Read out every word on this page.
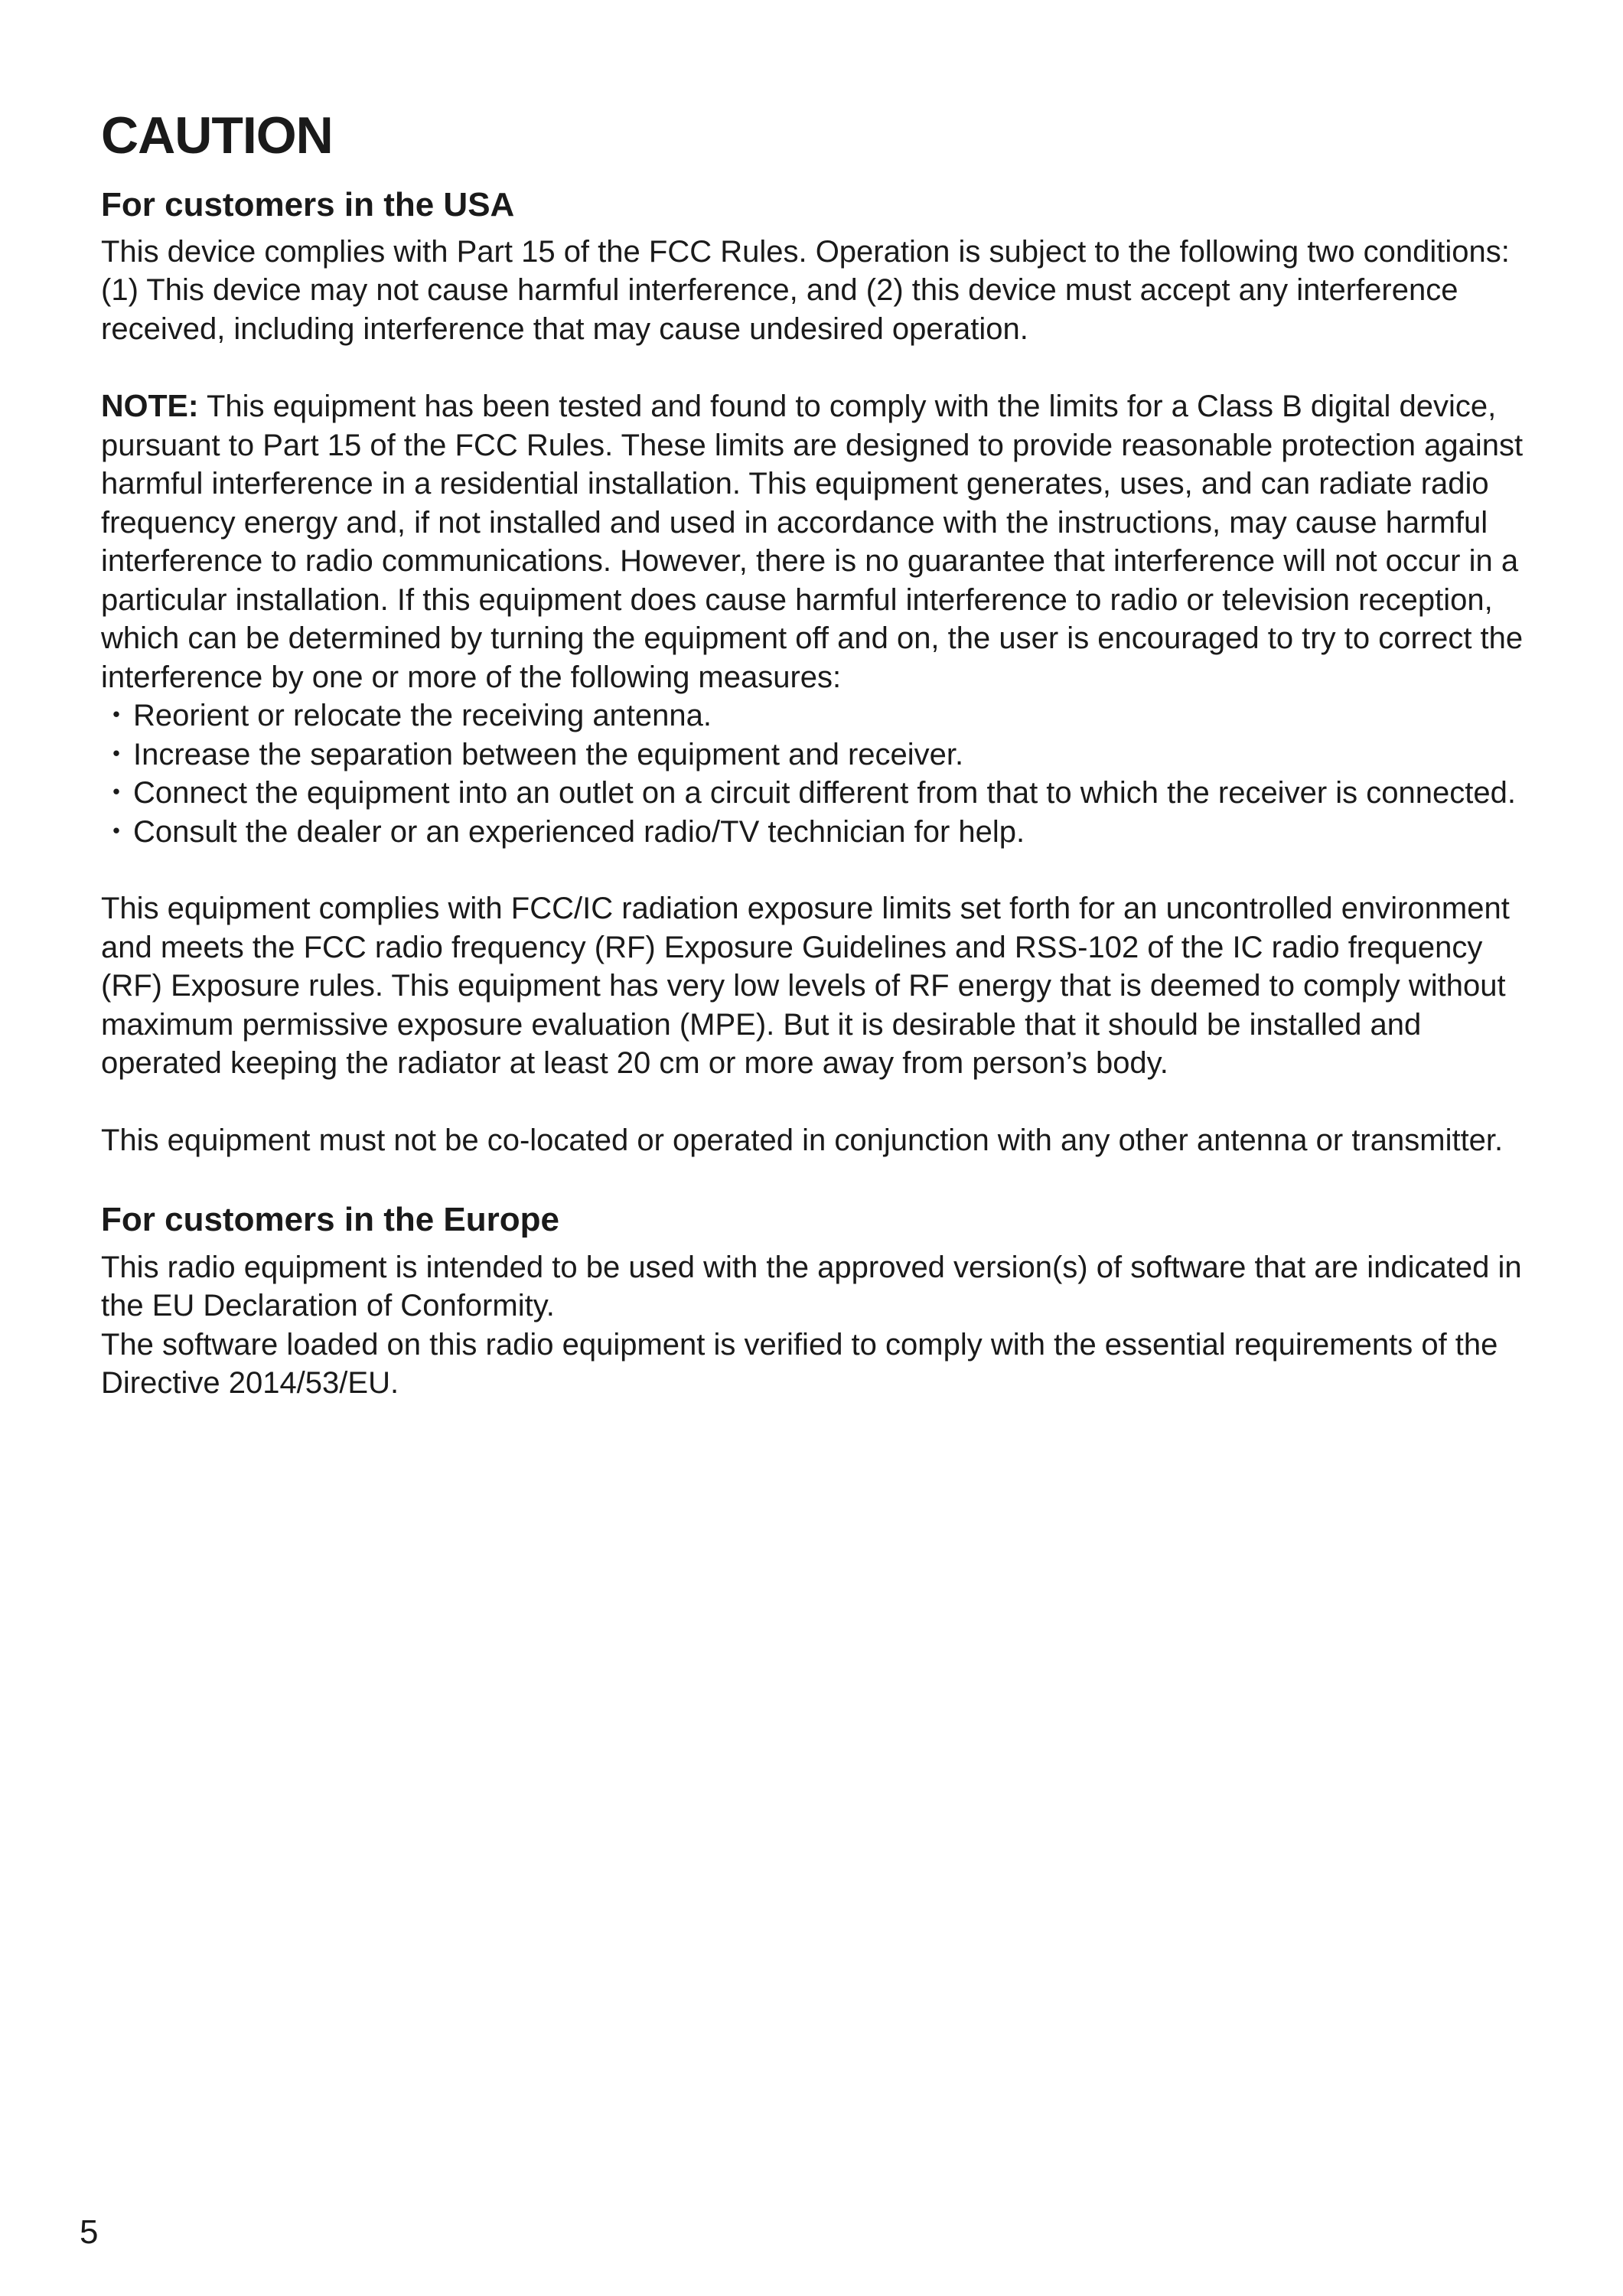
CAUTION
For customers in the USA

This device complies with Part 15 of the FCC Rules. Operation is subject to the following two conditions: (1) This device may not cause harmful interference, and (2) this device must accept any interference received, including interference that may cause undesired operation.

NOTE: This equipment has been tested and found to comply with the limits for a Class B digital device, pursuant to Part 15 of the FCC Rules. These limits are designed to provide reasonable protection against harmful interference in a residential installation. This equipment generates, uses, and can radiate radio frequency energy and, if not installed and used in accordance with the instructions, may cause harmful interference to radio communications. However, there is no guarantee that interference will not occur in a particular installation. If this equipment does cause harmful interference to radio or television reception, which can be determined by turning the equipment off and on, the user is encouraged to try to correct the interference by one or more of the following measures:

・ Reorient or relocate the receiving antenna.
・ Increase the separation between the equipment and receiver.
・ Connect the equipment into an outlet on a circuit different from that to which the receiver is connected.
・ Consult the dealer or an experienced radio/TV technician for help.

This equipment complies with FCC/IC radiation exposure limits set forth for an uncontrolled environment and meets the FCC radio frequency (RF) Exposure Guidelines and RSS-102 of the IC radio frequency (RF) Exposure rules. This equipment has very low levels of RF energy that is deemed to comply without maximum permissive exposure evaluation (MPE). But it is desirable that it should be installed and operated keeping the radiator at least 20 cm or more away from person’s body.

This equipment must not be co-located or operated in conjunction with any other antenna or transmitter.

For customers in the Europe

This radio equipment is intended to be used with the approved version(s) of software that are indicated in the EU Declaration of Conformity.

The software loaded on this radio equipment is verified to comply with the essential requirements of the Directive 2014/53/EU.

5
